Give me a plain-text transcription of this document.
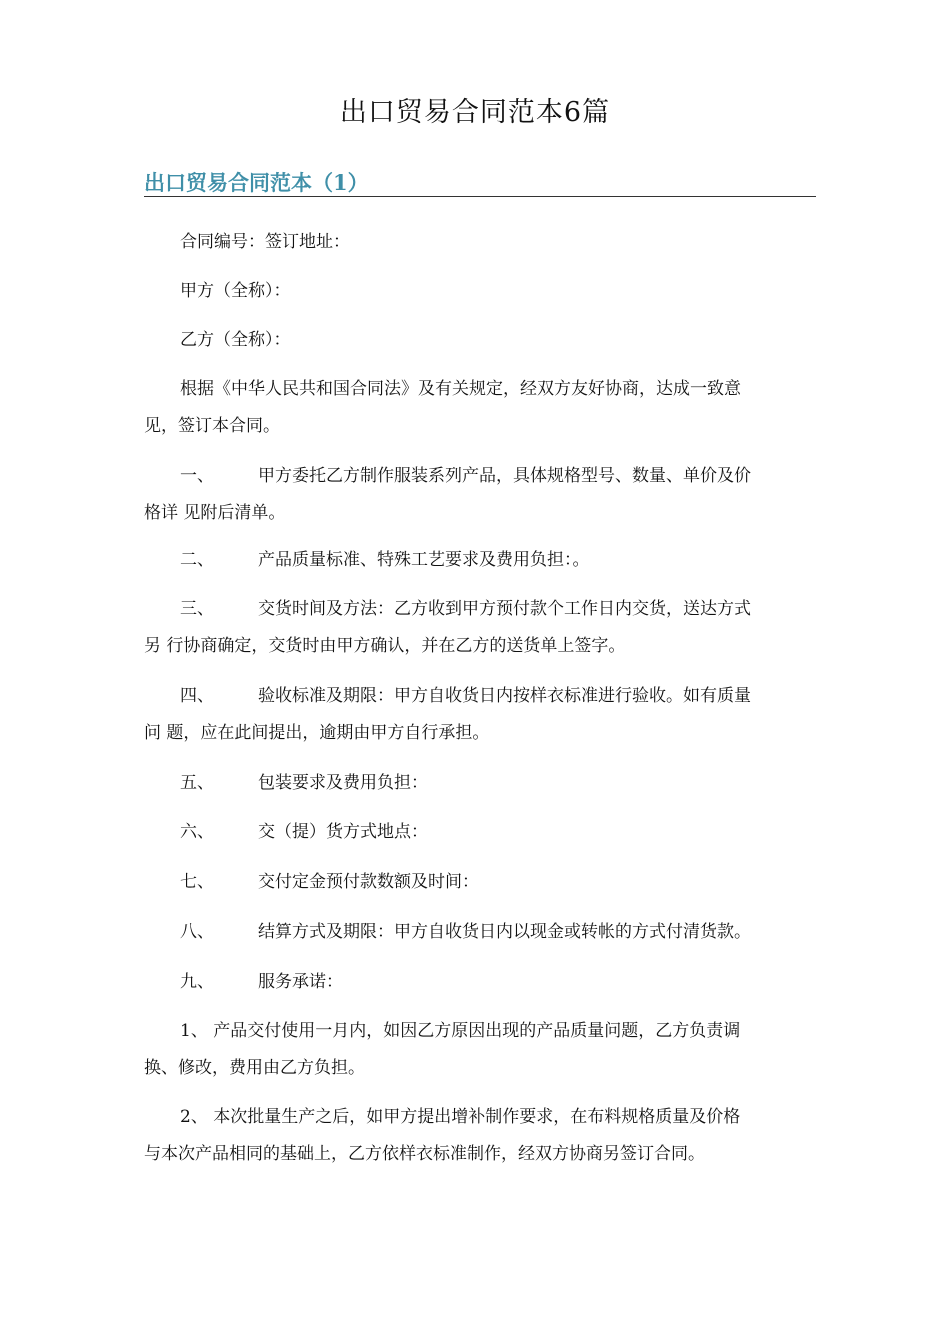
出口贸易合同范本6篇
出口贸易合同范本（1）
合同编号：签订地址：
甲方（全称）：
乙方（全称）：
根据《中华人民共和国合同法》及有关规定，经双方友好协商，达成一致意
见，签订本合同。
一、	甲方委托乙方制作服装系列产品，具体规格型号、数量、单价及价
格详 见附后清单。
二、	产品质量标准、特殊工艺要求及费用负担：。
三、	交货时间及方法：乙方收到甲方预付款个工作日内交货，送达方式
另 行协商确定，交货时由甲方确认，并在乙方的送货单上签字。
四、	验收标准及期限：甲方自收货日内按样衣标准进行验收。如有质量
问 题，应在此间提出，逾期由甲方自行承担。
五、	包装要求及费用负担：
六、	交（提）货方式地点：
七、	交付定金预付款数额及时间：
八、	结算方式及期限：甲方自收货日内以现金或转帐的方式付清货款。
九、	服务承诺：
1、 产品交付使用一月内，如因乙方原因出现的产品质量问题，乙方负责调
换、修改，费用由乙方负担。
2、 本次批量生产之后，如甲方提出增补制作要求，在布料规格质量及价格
与本次产品相同的基础上，乙方依样衣标准制作，经双方协商另签订合同。
